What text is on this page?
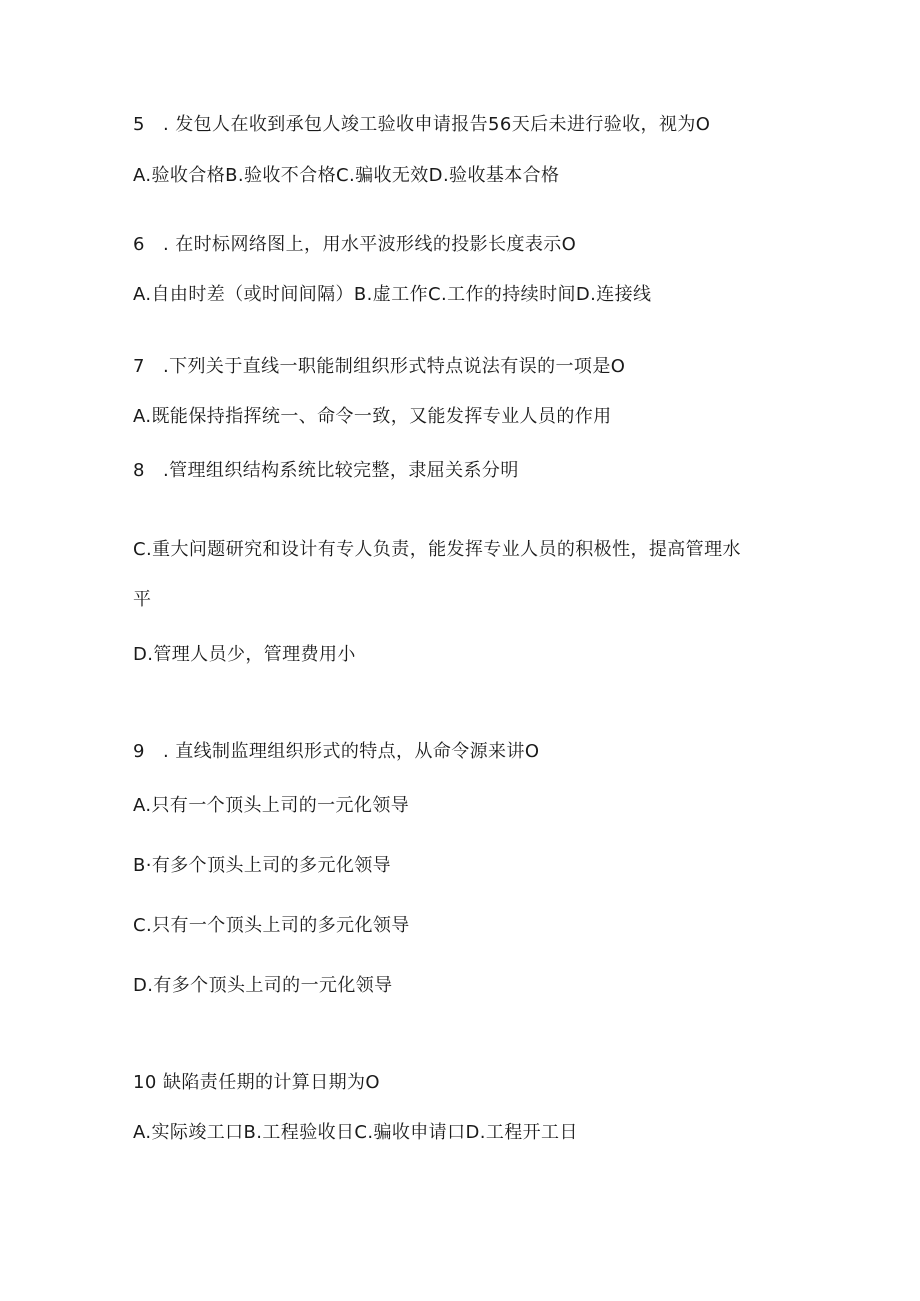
5 . 发包人在收到承包人竣工验收申请报告56天后未进行验收，视为O
A.验收合格B.验收不合格C.骗收无效D.验收基本合格
6 . 在时标网络图上，用水平波形线的投影长度表示O
A.自由时差（或时间间隔）B.虚工作C.工作的持续时间D.连接线
7 .下列关于直线一职能制组织形式特点说法有误的一项是O
A.既能保持指挥统一、命令一致，又能发挥专业人员的作用
8 .管理组织结构系统比较完整，隶屈关系分明
C.重大问题研究和设计有专人负责，能发挥专业人员的积极性，提高管理水
平
D.管理人员少，管理费用小
9 . 直线制监理组织形式的特点，从命令源来讲O
A.只有一个顶头上司的一元化领导
B·有多个顶头上司的多元化领导
C.只有一个顶头上司的多元化领导
D.有多个顶头上司的一元化领导
10 缺陷责任期的计算日期为O
A.实际竣工口B.工程验收日C.骗收申请口D.工程开工日
